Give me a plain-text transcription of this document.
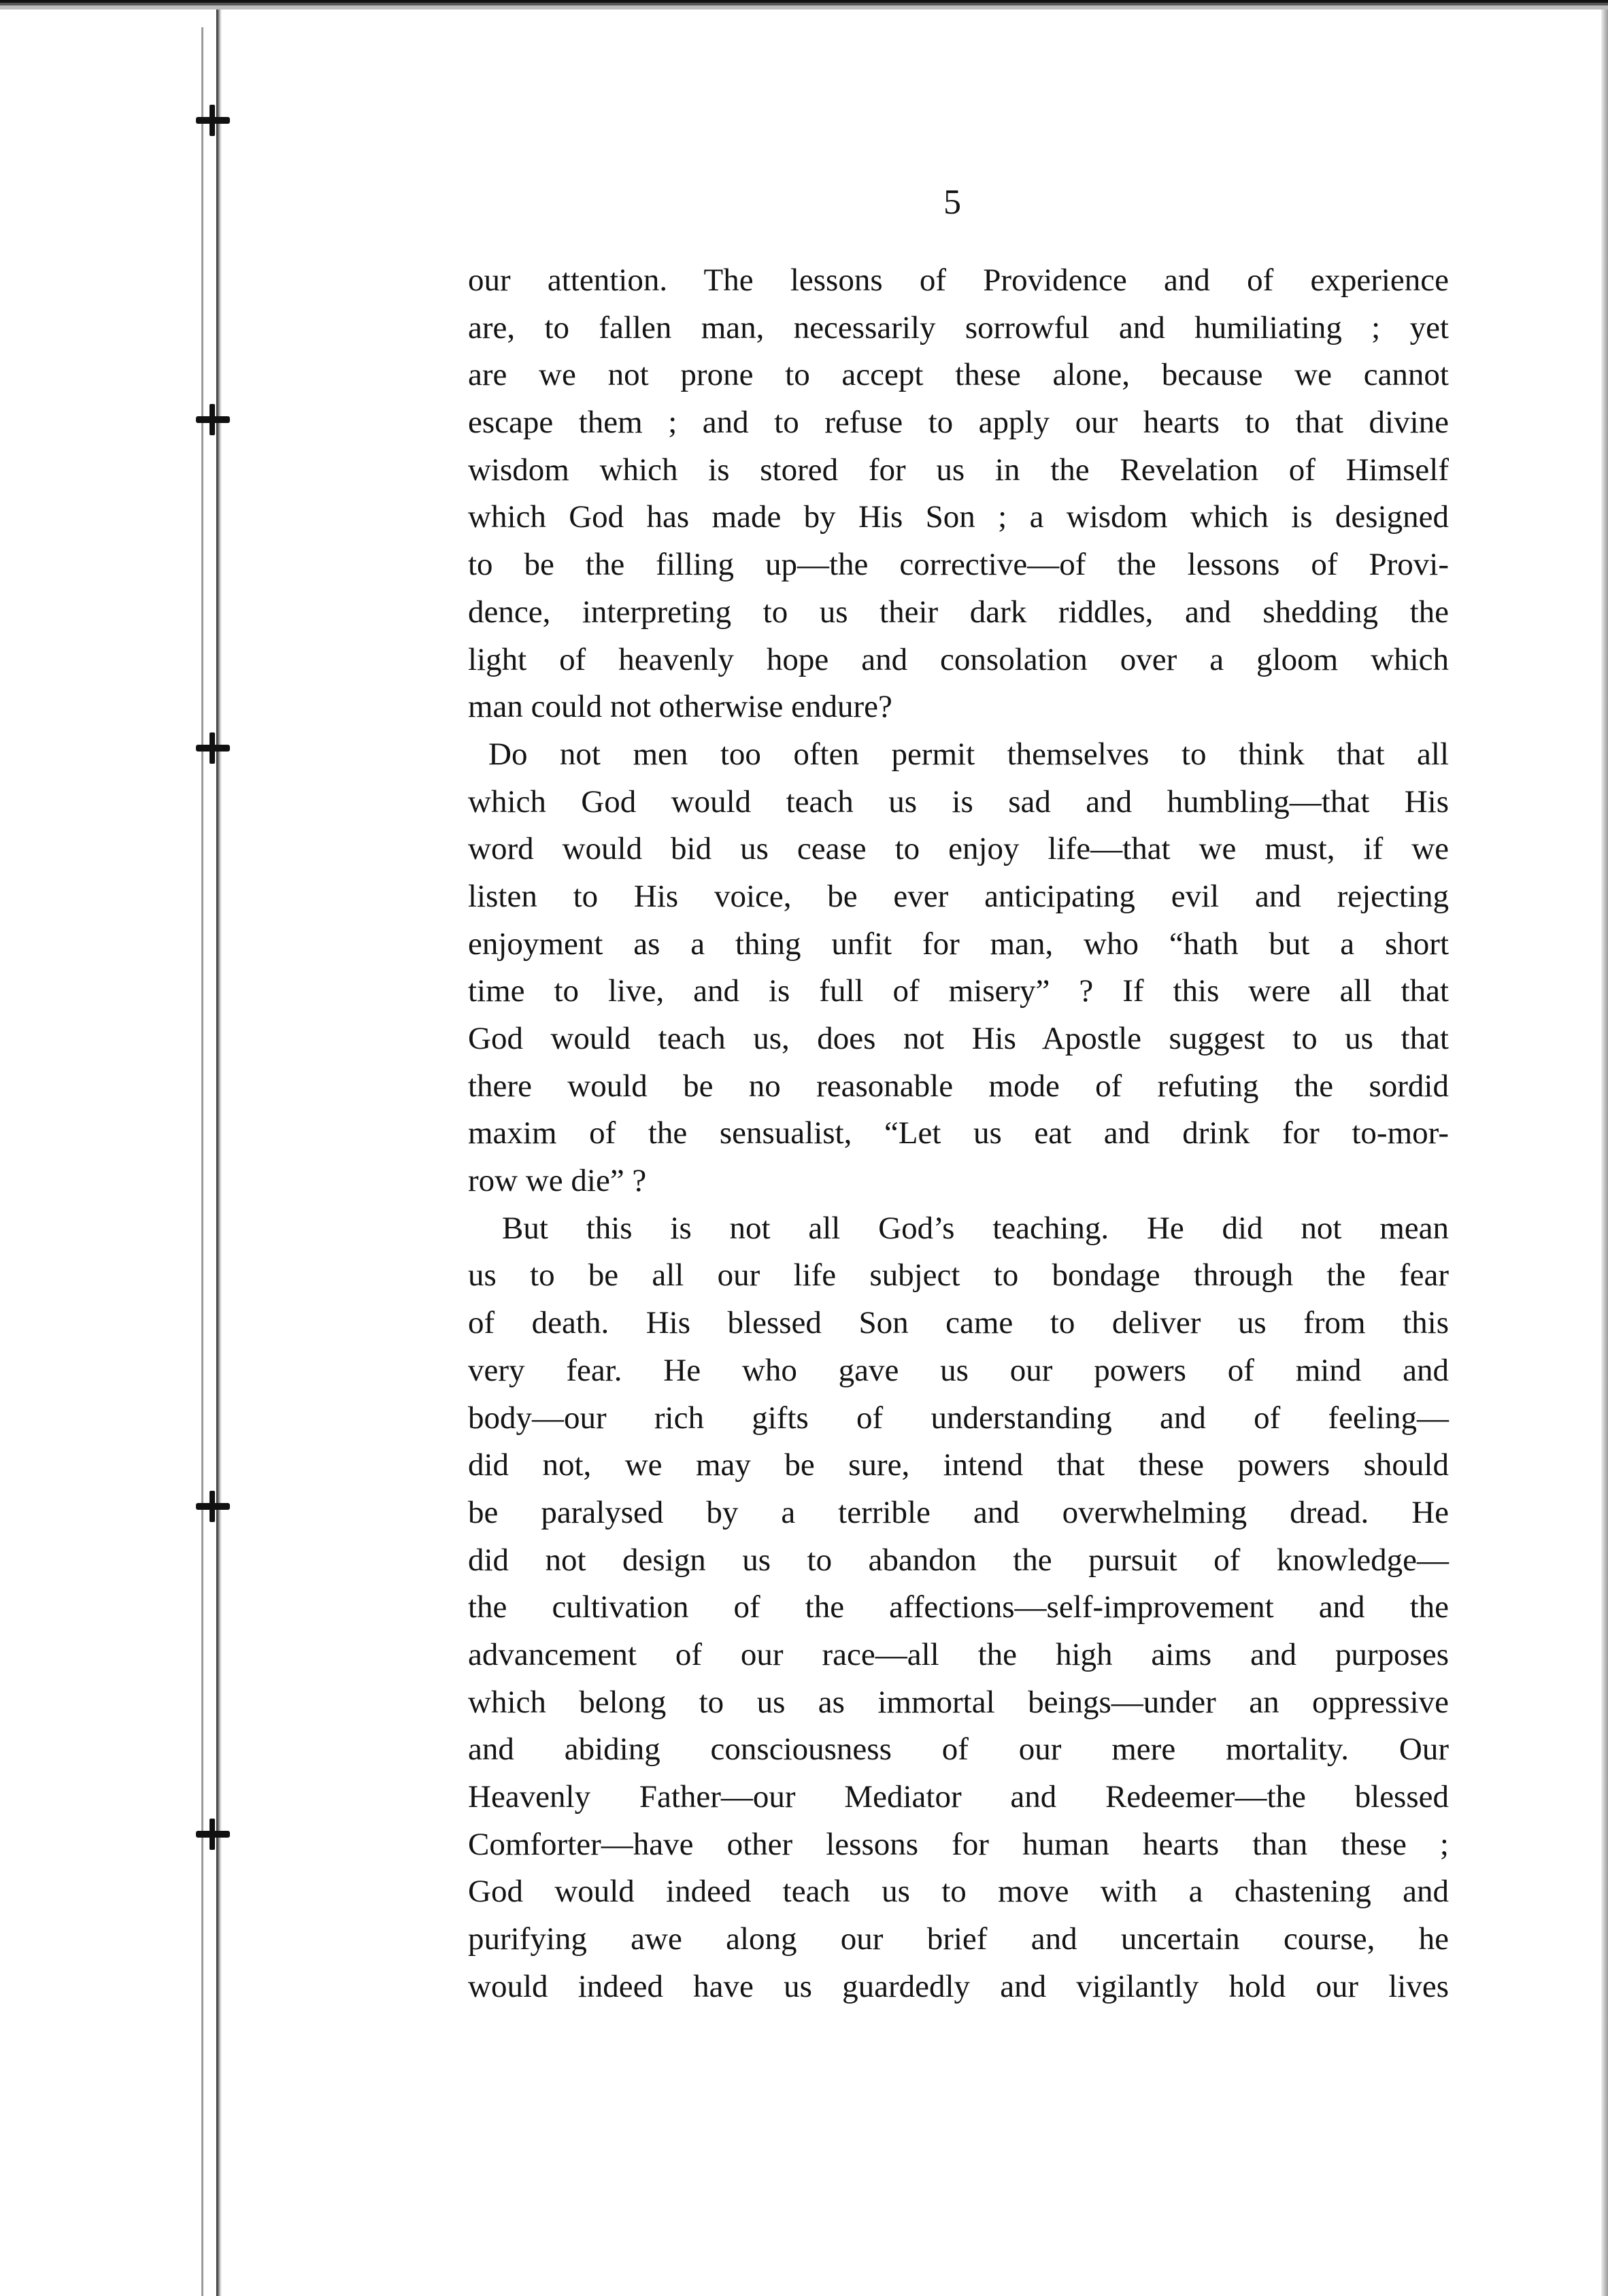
5
our attention. The lessons of Providence and of experience
are, to fallen man, necessarily sorrowful and humiliating ; yet
are we not prone to accept these alone, because we cannot
escape them ; and to refuse to apply our hearts to that divine
wisdom which is stored for us in the Revelation of Himself
which God has made by His Son ; a wisdom which is designed
to be the filling up—the corrective—of the lessons of Provi-
dence, interpreting to us their dark riddles, and shedding the
light of heavenly hope and consolation over a gloom which
man could not otherwise endure?
Do not men too often permit themselves to think that all
which God would teach us is sad and humbling—that His
word would bid us cease to enjoy life—that we must, if we
listen to His voice, be ever anticipating evil and rejecting
enjoyment as a thing unfit for man, who “hath but a short
time to live, and is full of misery” ? If this were all that
God would teach us, does not His Apostle suggest to us that
there would be no reasonable mode of refuting the sordid
maxim of the sensualist, “Let us eat and drink for to-mor-
row we die” ?
But this is not all God’s teaching. He did not mean
us to be all our life subject to bondage through the fear
of death. His blessed Son came to deliver us from this
very fear. He who gave us our powers of mind and
body—our rich gifts of understanding and of feeling—
did not, we may be sure, intend that these powers should
be paralysed by a terrible and overwhelming dread. He
did not design us to abandon the pursuit of knowledge—
the cultivation of the affections—self-improvement and the
advancement of our race—all the high aims and purposes
which belong to us as immortal beings—under an oppressive
and abiding consciousness of our mere mortality. Our
Heavenly Father—our Mediator and Redeemer—the blessed
Comforter—have other lessons for human hearts than these ;
God would indeed teach us to move with a chastening and
purifying awe along our brief and uncertain course, he
would indeed have us guardedly and vigilantly hold our lives
